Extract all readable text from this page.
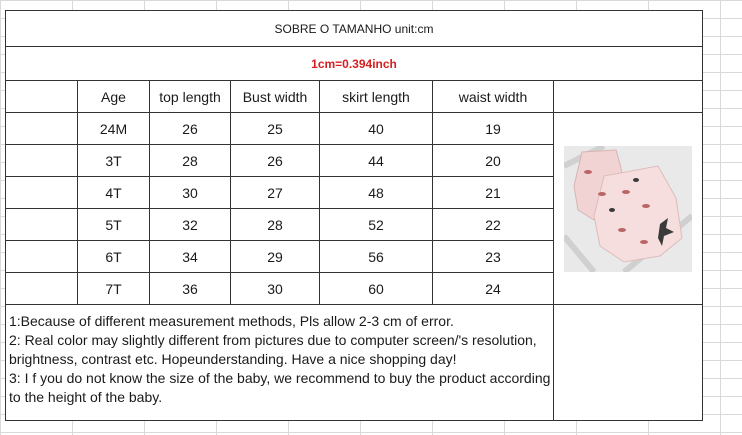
SOBRE O TAMANHO unit:cm						
1cm=0.394inch						
	Age	top length	Bust width	skirt length	waist width	
	24M	26	25	40	19	

	3T	28	26	44	20	
	4T	30	27	48	21	
	5T	32	28	52	22	
	6T	34	29	56	23	
	7T	36	30	60	24	

1:Because of different measurement methods, Pls allow 2-3 cm of error.
2: Real color may slightly different from pictures due to computer screen/'s resolution, brightness, contrast etc. Hopeunderstanding. Have a nice shopping day!
3: I f you do not know the size of the baby, we recommend to buy the product according to the height of the baby.						
